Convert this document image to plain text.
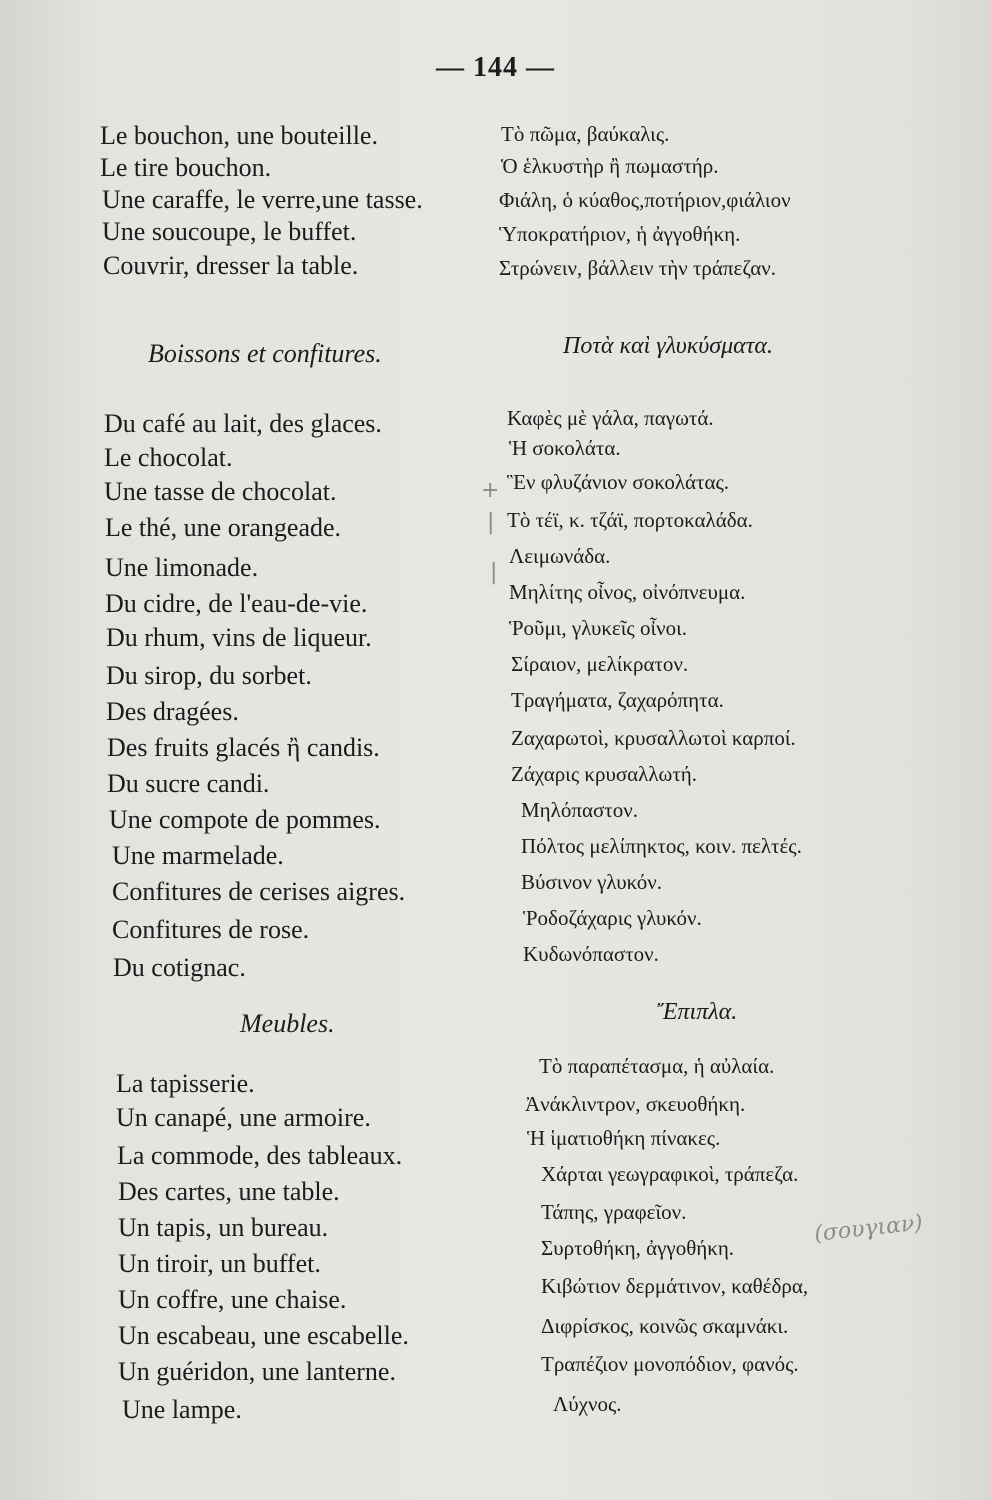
— 144 —
Le bouchon, une bouteille.
Le tire bouchon.
Une caraffe, le verre,une tasse.
Une soucoupe, le buffet.
Couvrir, dresser la table.
Boissons et confitures.
Du café au lait, des glaces.
Le chocolat.
Une tasse de chocolat.
Le thé, une orangeade.
Une limonade.
Du cidre, de l'eau-de-vie.
Du rhum, vins de liqueur.
Du sirop, du sorbet.
Des dragées.
Des fruits glacés ἢ candis.
Du sucre candi.
Une compote de pommes.
Une marmelade.
Confitures de cerises aigres.
Confitures de rose.
Du cotignac.
Meubles.
La tapisserie.
Un canapé, une armoire.
La commode, des tableaux.
Des cartes, une table.
Un tapis, un bureau.
Un tiroir, un buffet.
Un coffre, une chaise.
Un escabeau, une escabelle.
Un guéridon, une lanterne.
Une lampe.
Τὸ πῶμα, βαύκαλις.
Ὁ ἑλκυστὴρ ἢ πωμαστήρ.
Φιάλη, ὁ κύαθος,ποτήριον,φιάλιον
Ὑποκρατήριον, ἡ ἀγγοθήκη.
Στρώνειν, βάλλειν τὴν τράπεζαν.
Ποτὰ καὶ γλυκύσματα.
Καφὲς μὲ γάλα, παγωτά.
Ἡ σοκολάτα.
Ἓν φλυζάνιον σοκολάτας.
Τὸ τέϊ, κ. τζάϊ, πορτοκαλάδα.
Λειμωνάδα.
Μηλίτης οἶνος, οἰνόπνευμα.
Ῥοῦμι, γλυκεῖς οἶνοι.
Σίραιον, μελίκρατον.
Τραγήματα, ζαχαρόπητα.
Ζαχαρωτοὶ, κρυσαλλωτοὶ καρποί.
Ζάχαρις κρυσαλλωτή.
Μηλόπαστον.
Πόλτος μελίπηκτος, κοιν. πελτές.
Βύσινον γλυκόν.
Ῥοδοζάχαρις γλυκόν.
Κυδωνόπαστον.
Ἔπιπλα.
Τὸ παραπέτασμα, ἡ αὐλαία.
Ἀνάκλιντρον, σκευοθήκη.
Ἡ ἱματιοθήκη πίνακες.
Χάρται γεωγραφικοὶ, τράπεζα.
Τάπης, γραφεῖον.
Συρτοθήκη, ἀγγοθήκη.
Κιβώτιον δερμάτινον, καθέδρα,
Διφρίσκος, κοινῶς σκαμνάκι.
Τραπέζιον μονοπόδιον, φανός.
Λύχνος.
+
|
|
(σουγιαν)
